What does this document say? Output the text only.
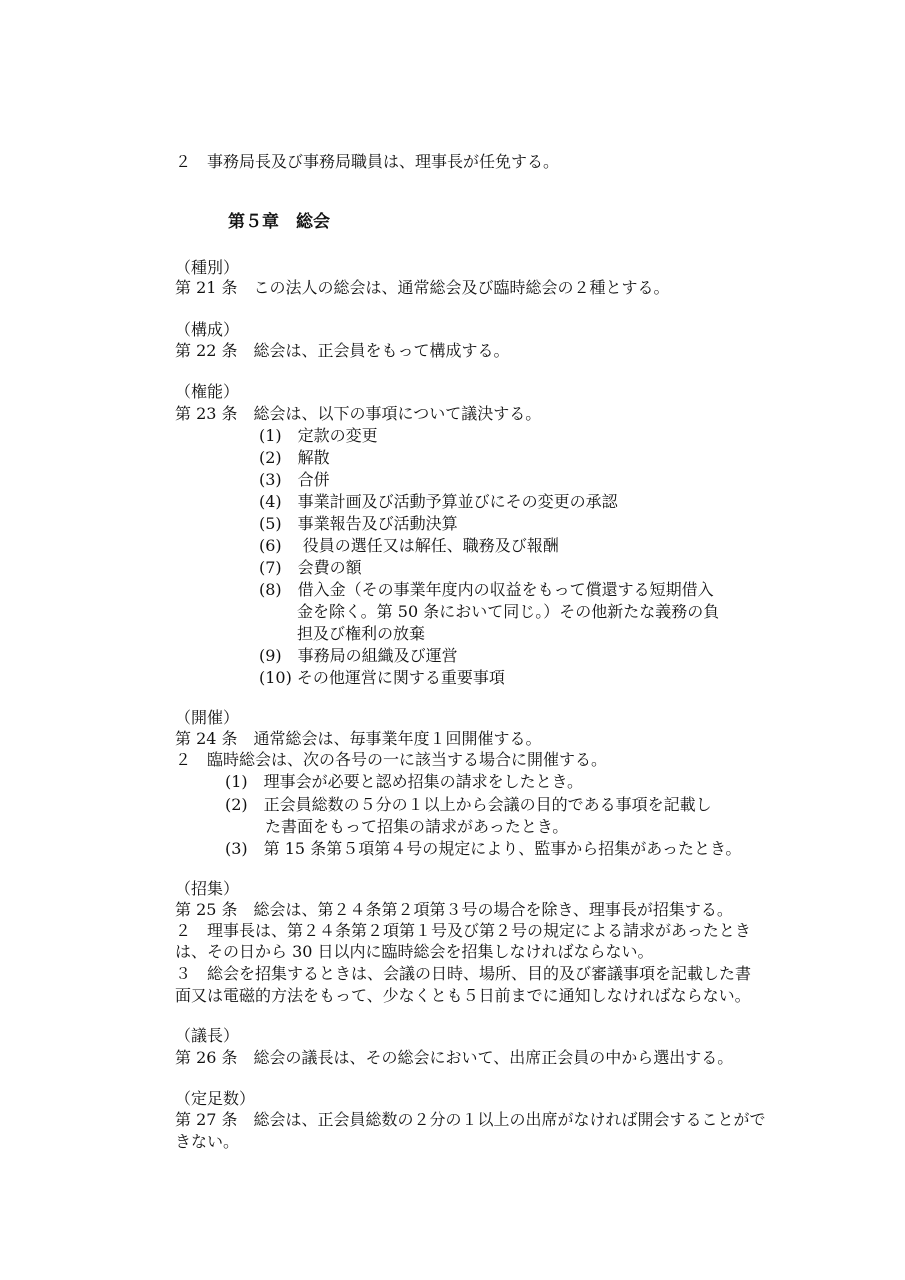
２　事務局長及び事務局職員は、理事長が任免する。
第５章　総会
（種別）
第 21 条　この法人の総会は、通常総会及び臨時総会の２種とする。
（構成）
第 22 条　総会は、正会員をもって構成する。
（権能）
第 23 条　総会は、以下の事項について議決する。
(1)　定款の変更
(2)　解散
(3)　合併
(4)　事業計画及び活動予算並びにその変更の承認
(5)　事業報告及び活動決算
(6)　 役員の選任又は解任、職務及び報酬
(7)　会費の額
(8)　借入金（その事業年度内の収益をもって償還する短期借入
金を除く。第 50 条において同じ。）その他新たな義務の負
担及び権利の放棄
(9)　事務局の組織及び運営
(10) その他運営に関する重要事項
（開催）
第 24 条　通常総会は、毎事業年度１回開催する。
２　臨時総会は、次の各号の一に該当する場合に開催する。
(1)　理事会が必要と認め招集の請求をしたとき。
(2)　正会員総数の５分の１以上から会議の目的である事項を記載し
た書面をもって招集の請求があったとき。
(3)　第 15 条第５項第４号の規定により、監事から招集があったとき。
（招集）
第 25 条　総会は、第２４条第２項第３号の場合を除き、理事長が招集する。
２　理事長は、第２４条第２項第１号及び第２号の規定による請求があったとき
は、その日から 30 日以内に臨時総会を招集しなければならない。
３　総会を招集するときは、会議の日時、場所、目的及び審議事項を記載した書
面又は電磁的方法をもって、少なくとも５日前までに通知しなければならない。
（議長）
第 26 条　総会の議長は、その総会において、出席正会員の中から選出する。
（定足数）
第 27 条　総会は、正会員総数の２分の１以上の出席がなければ開会することがで
きない。
